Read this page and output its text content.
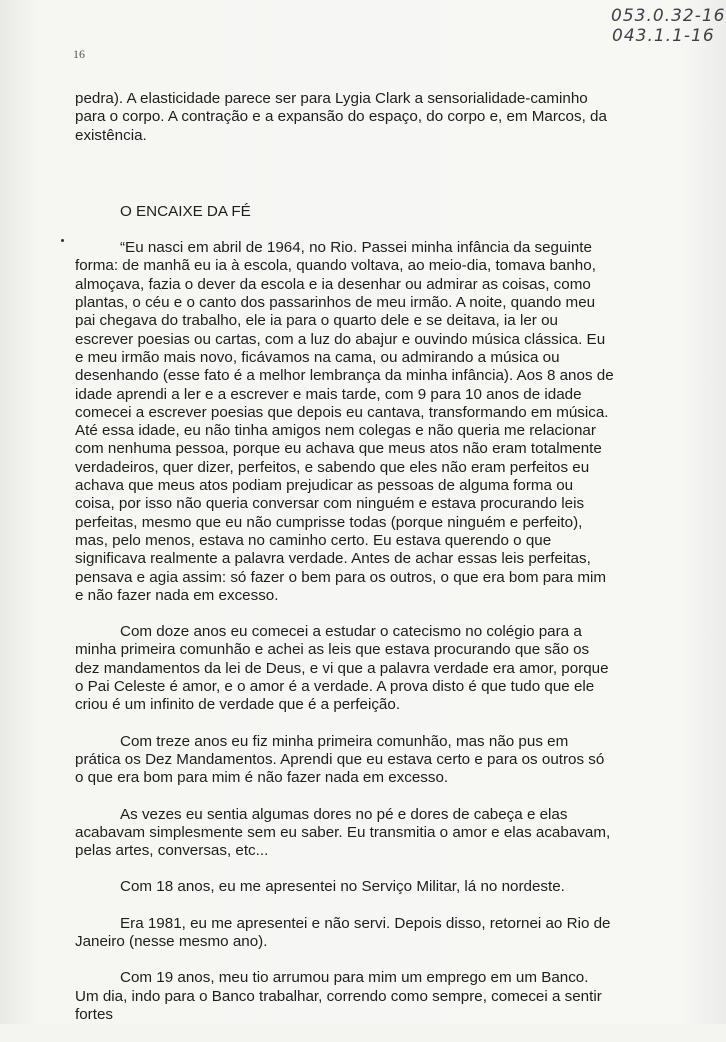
053.0.32-16
043.1.1-16
16

pedra). A elasticidade parece ser para Lygia Clark a sensorialidade-caminho para o corpo. A contração e a expansão do espaço, do corpo e, em Marcos, da existência.

O ENCAIXE DA FÉ

“Eu nasci em abril de 1964, no Rio. Passei minha infância da seguinte forma: de manhã eu ia à escola, quando voltava, ao meio-dia, tomava banho, almoçava, fazia o dever da escola e ia desenhar ou admirar as coisas, como plantas, o céu e o canto dos passarinhos de meu irmão. A noite, quando meu pai chegava do trabalho, ele ia para o quarto dele e se deitava, ia ler ou escrever poesias ou cartas, com a luz do abajur e ouvindo música clássica. Eu e meu irmão mais novo, ficávamos na cama, ou admirando a música ou desenhando (esse fato é a melhor lembrança da minha infância). Aos 8 anos de idade aprendi a ler e a escrever e mais tarde, com 9 para 10 anos de idade comecei a escrever poesias que depois eu cantava, transformando em música. Até essa idade, eu não tinha amigos nem colegas e não queria me relacionar com nenhuma pessoa, porque eu achava que meus atos não eram totalmente verdadeiros, quer dizer, perfeitos, e sabendo que eles não eram perfeitos eu achava que meus atos podiam prejudicar as pessoas de alguma forma ou coisa, por isso não queria conversar com ninguém e estava procurando leis perfeitas, mesmo que eu não cumprisse todas (porque ninguém e perfeito), mas, pelo menos, estava no caminho certo. Eu estava querendo o que significava realmente a palavra verdade. Antes de achar essas leis perfeitas, pensava e agia assim: só fazer o bem para os outros, o que era bom para mim e não fazer nada em excesso.

Com doze anos eu comecei a estudar o catecismo no colégio para a minha primeira comunhão e achei as leis que estava procurando que são os dez mandamentos da lei de Deus, e vi que a palavra verdade era amor, porque o Pai Celeste é amor, e o amor é a verdade. A prova disto é que tudo que ele criou é um infinito de verdade que é a perfeição.

Com treze anos eu fiz minha primeira comunhão, mas não pus em prática os Dez Mandamentos. Aprendi que eu estava certo e para os outros só o que era bom para mim é não fazer nada em excesso.

As vezes eu sentia algumas dores no pé e dores de cabeça e elas acabavam simplesmente sem eu saber. Eu transmitia o amor e elas acabavam, pelas artes, conversas, etc...

Com 18 anos, eu me apresentei no Serviço Militar, lá no nordeste.

Era 1981, eu me apresentei e não servi. Depois disso, retornei ao Rio de Janeiro (nesse mesmo ano).

Com 19 anos, meu tio arrumou para mim um emprego em um Banco. Um dia, indo para o Banco trabalhar, correndo como sempre, comecei a sentir fortes
